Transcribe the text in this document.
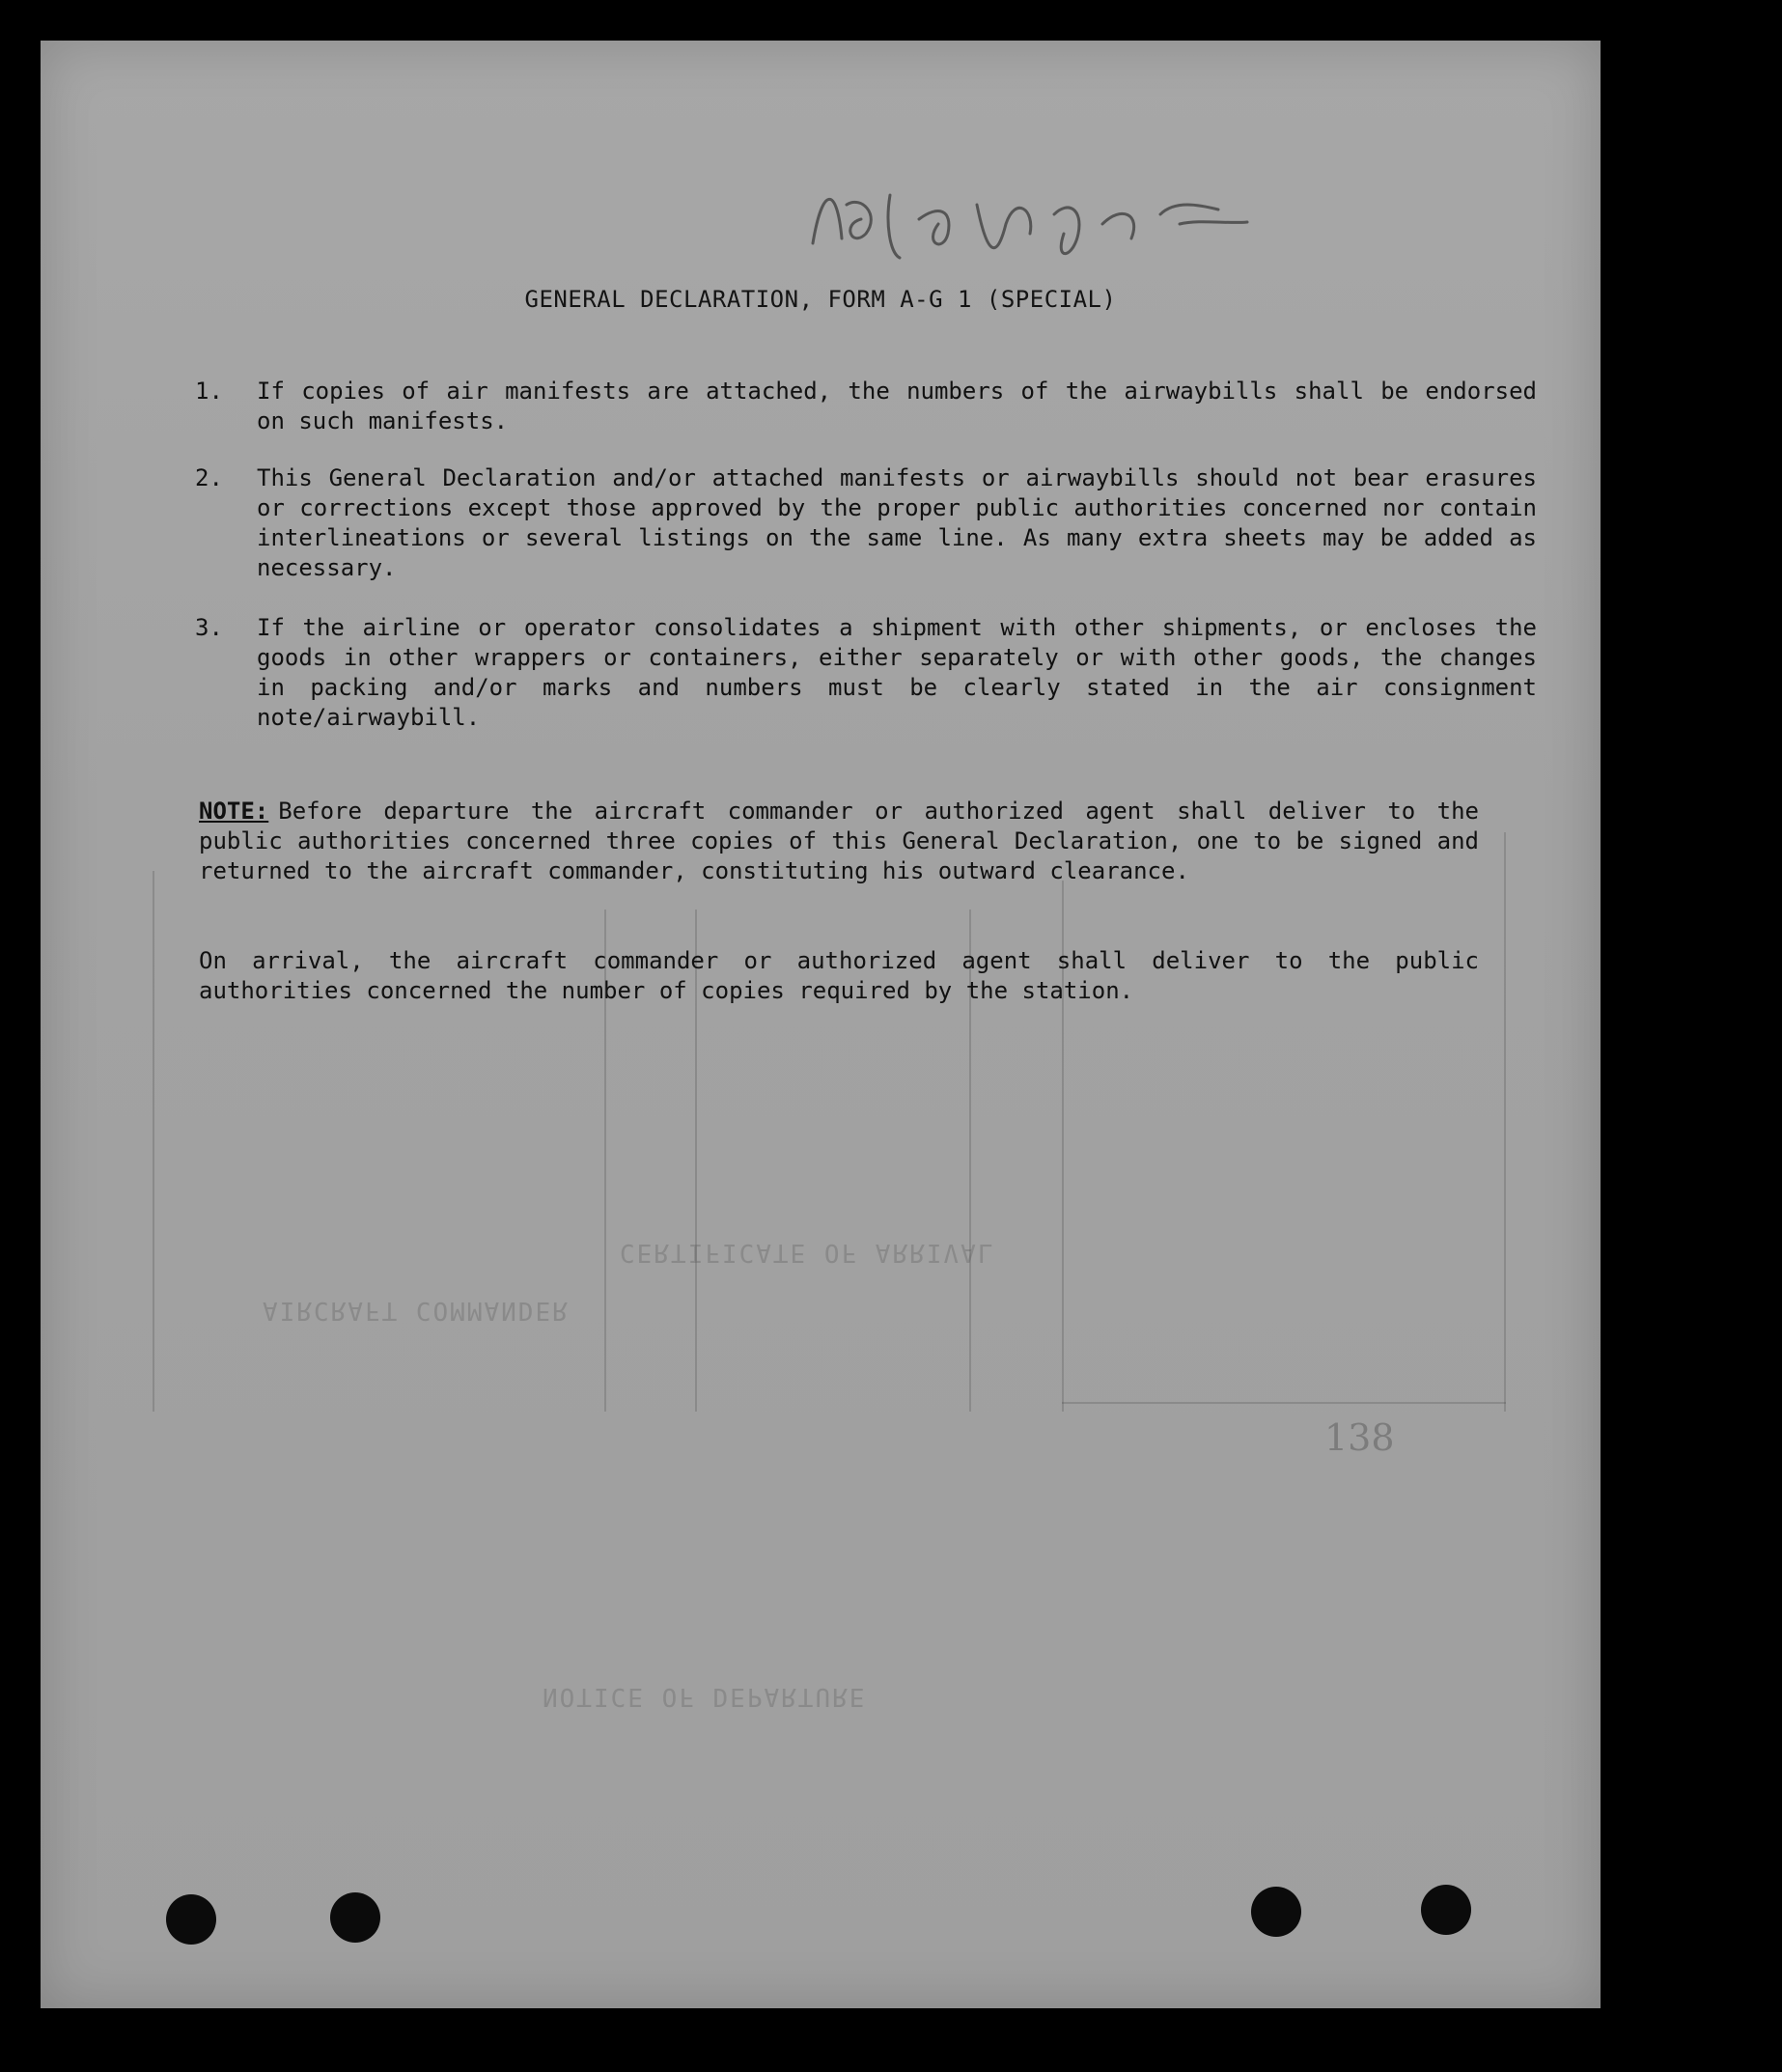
CERTIFICATE OF ARRIVAL
NOTICE OF DEPARTURE
AIRCRAFT COMMANDER
138
GENERAL DECLARATION, FORM A-G 1 (SPECIAL)
1.	If copies of air manifests are attached, the numbers of the airwaybills shall be endorsed on such manifests.
2.	This General Declaration and/or attached manifests or airwaybills should not bear erasures or corrections except those approved by the proper public authorities concerned nor contain interlineations or several listings on the same line. As many extra sheets may be added as necessary.
3.	If the airline or operator consolidates a shipment with other shipments, or encloses the goods in other wrappers or containers, either separately or with other goods, the changes in packing and/or marks and numbers must be clearly stated in the air consignment note/airwaybill.
NOTE: Before departure the aircraft commander or authorized agent shall deliver to the public authorities concerned three copies of this General Declaration, one to be signed and returned to the aircraft commander, constituting his outward clearance.
On arrival, the aircraft commander or authorized agent shall deliver to the public authorities concerned the number of copies required by the station.
